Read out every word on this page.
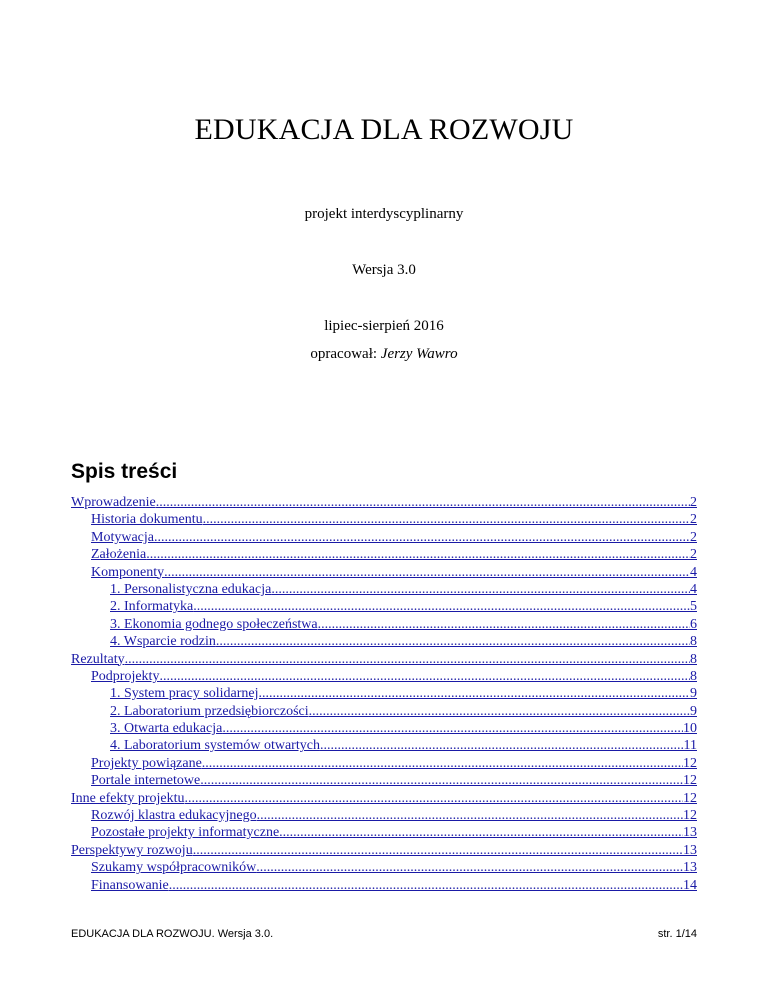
EDUKACJA DLA ROZWOJU
projekt interdyscyplinarny
Wersja 3.0
lipiec-sierpień 2016
opracował: Jerzy Wawro
Spis treści
Wprowadzenie .....	2
Historia dokumentu .....	2
Motywacja .....	2
Założenia .....	2
Komponenty .....	4
1. Personalistyczna edukacja .....	4
2. Informatyka .....	5
3. Ekonomia godnego społeczeństwa .....	6
4. Wsparcie rodzin .....	8
Rezultaty .....	8
Podprojekty .....	8
1. System pracy solidarnej .....	9
2. Laboratorium przedsiębiorczości .....	9
3. Otwarta edukacja .....	10
4. Laboratorium systemów otwartych .....	11
Projekty powiązane .....	12
Portale internetowe .....	12
Inne efekty projektu .....	12
Rozwój klastra edukacyjnego .....	12
Pozostałe projekty informatyczne .....	13
Perspektywy rozwoju .....	13
Szukamy współpracowników .....	13
Finansowanie .....	14
EDUKACJA DLA ROZWOJU. Wersja 3.0.	str. 1/14
